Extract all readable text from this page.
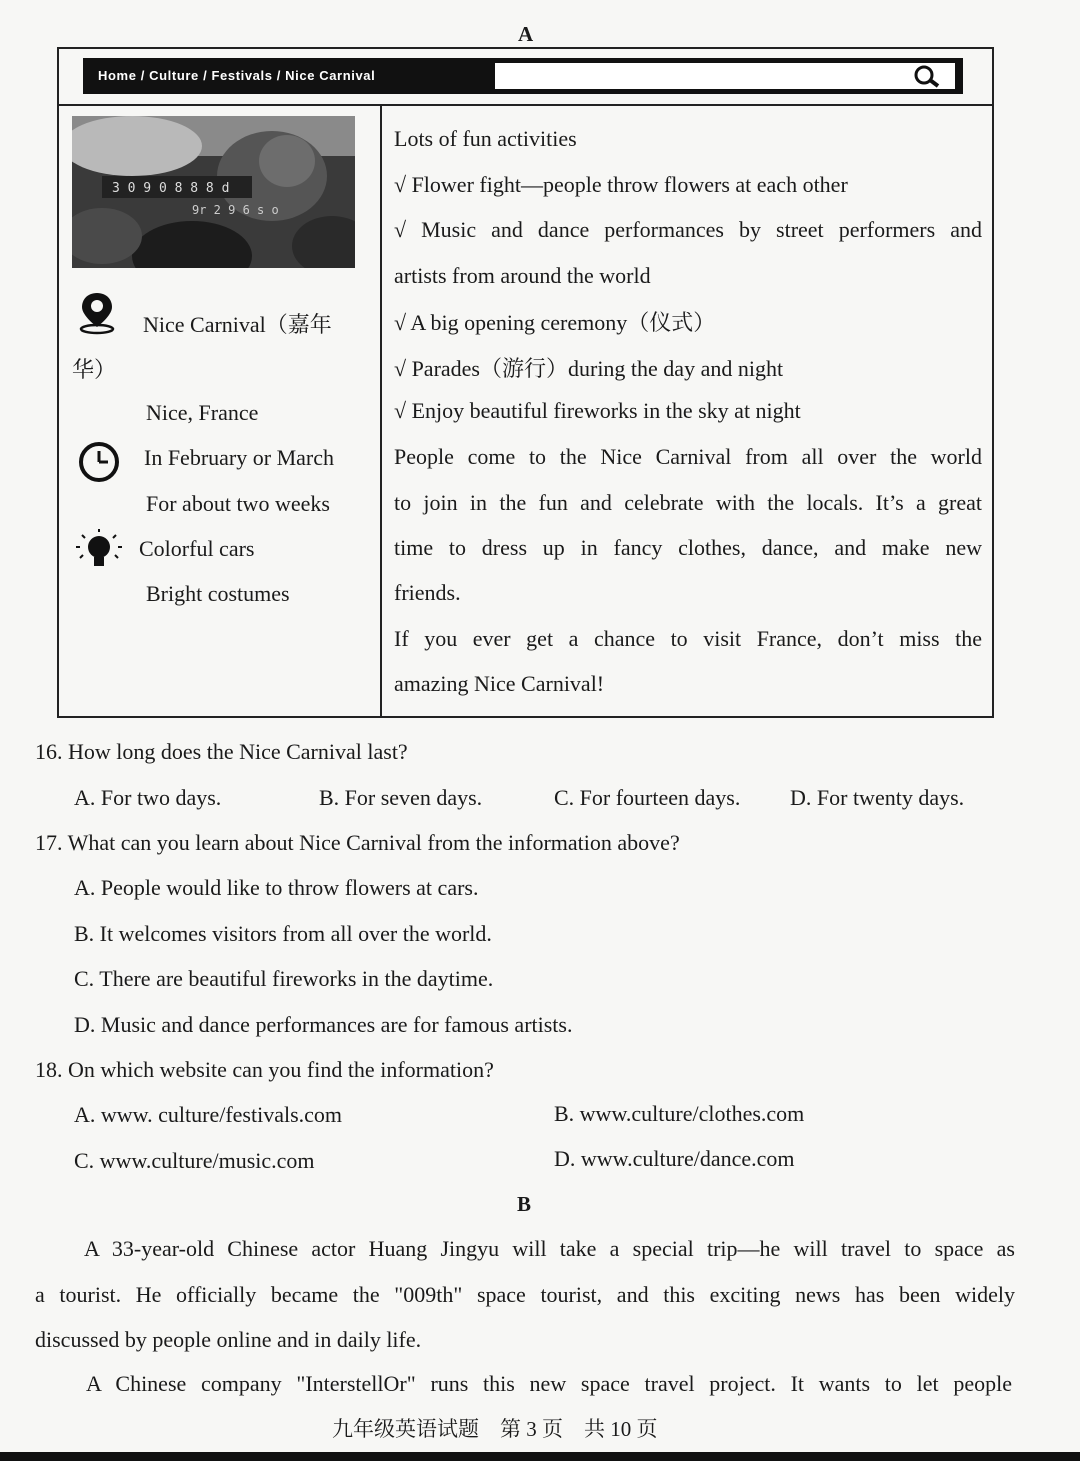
A
Home / Culture / Festivals / Nice Carnival
3 0 9 0 8 8 8 d
9r 2 9 6 s o
Nice Carnival（嘉年
华）
Nice, France
In February or March
For about two weeks
Colorful cars
Bright costumes
Lots of fun activities
√ Flower fight—people throw flowers at each other
√ Music and dance performances by street performers and
artists from around the world
√ A big opening ceremony（仪式）
√ Parades（游行）during the day and night
√ Enjoy beautiful fireworks in the sky at night
People come to the Nice Carnival from all over the world
to join in the fun and celebrate with the locals. It’s a great
time to dress up in fancy clothes, dance, and make new
friends.
If you ever get a chance to visit France, don’t miss the
amazing Nice Carnival!
16. How long does the Nice Carnival last?
A. For two days.	B. For seven days.	C. For fourteen days. D. For twenty days.
17. What can you learn about Nice Carnival from the information above?
A. People would like to throw flowers at cars.
B. It welcomes visitors from all over the world.
C. There are beautiful fireworks in the daytime.
D. Music and dance performances are for famous artists.
18. On which website can you find the information?
A. www. culture/festivals.com	B. www.culture/clothes.com
C. www.culture/music.com	D. www.culture/dance.com
B
A 33-year-old Chinese actor Huang Jingyu will take a special trip—he will travel to space as
a tourist. He officially became the "009th" space tourist, and this exciting news has been widely
discussed by people online and in daily life.
A Chinese company "InterstellOr" runs this new space travel project. It wants to let people
九年级英语试题　第 3 页　共 10 页
